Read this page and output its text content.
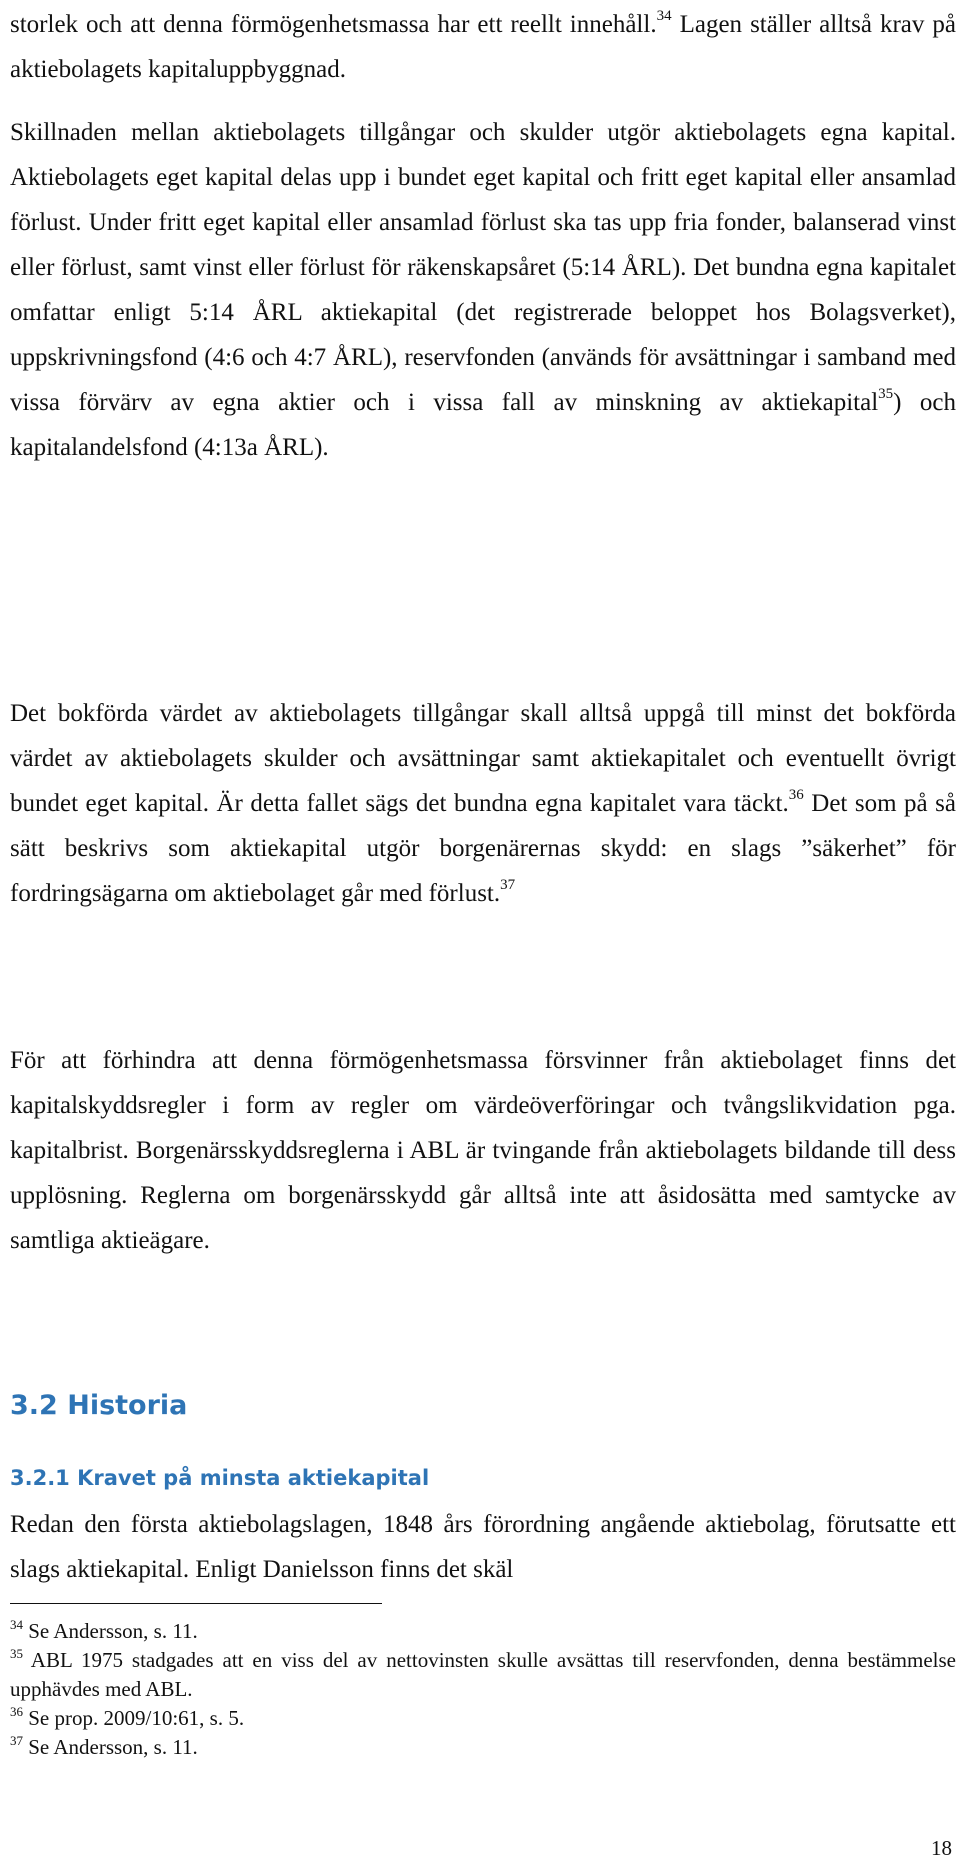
storlek och att denna förmögenhetsmassa har ett reellt innehåll.$^{34}$ Lagen ställer alltså krav på aktiebolagets kapitaluppbyggnad.

Skillnaden mellan aktiebolagets tillgångar och skulder utgör aktiebolagets egna kapital. Aktiebolagets eget kapital delas upp i bundet eget kapital och fritt eget kapital eller ansamlad förlust. Under fritt eget kapital eller ansamlad förlust ska tas upp fria fonder, balanserad vinst eller förlust, samt vinst eller förlust för räkenskapsåret (5:14 ÅRL). Det bundna egna kapitalet omfattar enligt 5:14 ÅRL aktiekapital (det registrerade beloppet hos Bolagsverket), uppskrivningsfond (4:6 och 4:7 ÅRL), reservfonden (används för avsättningar i samband med vissa förvärv av egna aktier och i vissa fall av minskning av aktiekapital$^{35}$) och kapitalandelsfond (4:13a ÅRL).

Det bokförda värdet av aktiebolagets tillgångar skall alltså uppgå till minst det bokförda värdet av aktiebolagets skulder och avsättningar samt aktiekapitalet och eventuellt övrigt bundet eget kapital. Är detta fallet sägs det bundna egna kapitalet vara täckt.$^{36}$ Det som på så sätt beskrivs som aktiekapital utgör borgenärernas skydd: en slags ”säkerhet” för fordringsägarna om aktiebolaget går med förlust.$^{37}$

För att förhindra att denna förmögenhetsmassa försvinner från aktiebolaget finns det kapitalskyddsregler i form av regler om värdeöverföringar och tvångslikvidation pga. kapitalbrist. Borgenärsskyddsreglerna i ABL är tvingande från aktiebolagets bildande till dess upplösning. Reglerna om borgenärsskydd går alltså inte att åsidosätta med samtycke av samtliga aktieägare.

3.2 Historia
3.2.1 Kravet på minsta aktiekapital

Redan den första aktiebolagslagen, 1848 års förordning angående aktiebolag, förutsatte ett slags aktiekapital. Enligt Danielsson finns det skäl

$^{34}$ Se Andersson, s. 11.

$^{35}$ ABL 1975 stadgades att en viss del av nettovinsten skulle avsättas till reservfonden, denna bestämmelse upphävdes med ABL.

$^{36}$ Se prop. 2009/10:61, s. 5.

$^{37}$ Se Andersson, s. 11.

18
